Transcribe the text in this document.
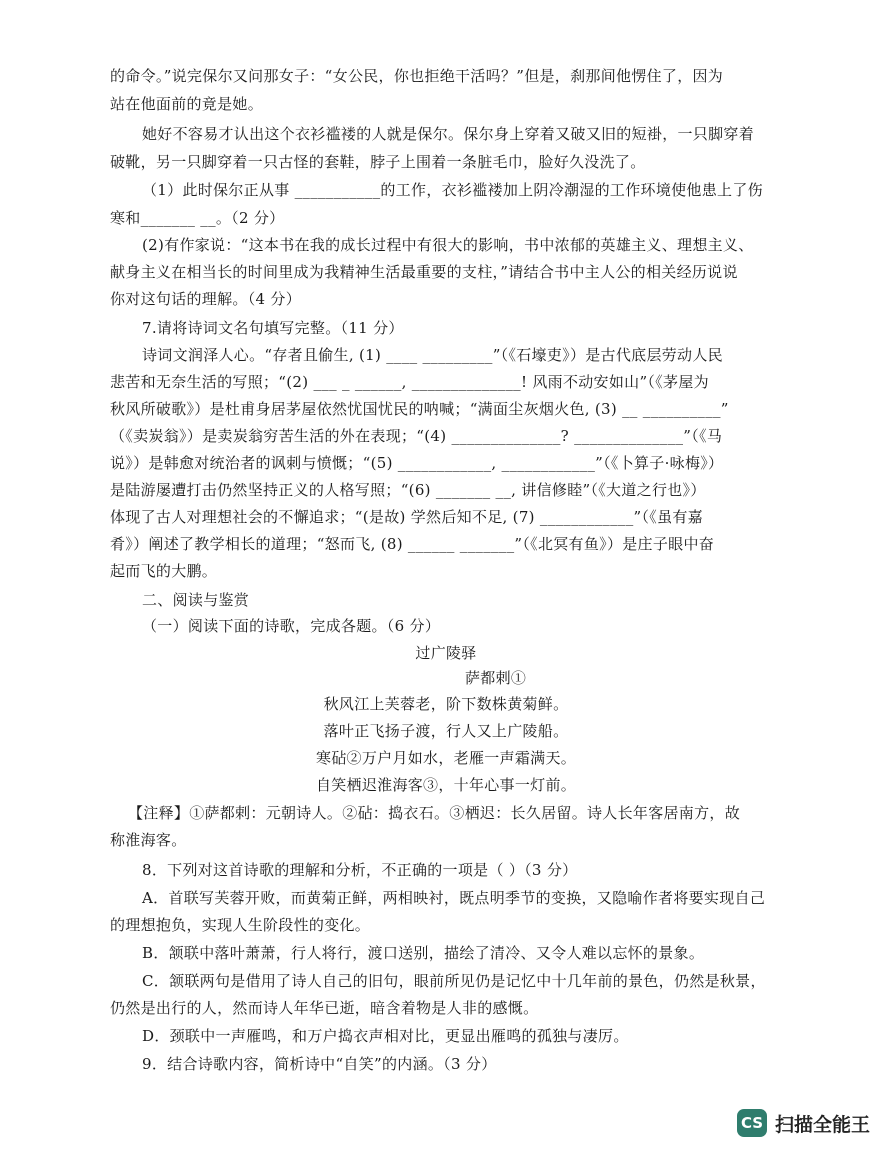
的命令。”说完保尔又问那女子：“女公民，你也拒绝干活吗？”但是，刹那间他愣住了，因为
站在他面前的竟是她。
她好不容易才认出这个衣衫褴褛的人就是保尔。保尔身上穿着又破又旧的短褂，一只脚穿着
破靴，另一只脚穿着一只古怪的套鞋，脖子上围着一条脏毛巾，脸好久没洗了。
（1）此时保尔正从事 ___________的工作，衣衫褴褛加上阴冷潮湿的工作环境使他患上了伤
寒和_______ __。（2 分）
(2)有作家说：“这本书在我的成长过程中有很大的影响，书中浓郁的英雄主义、理想主义、
献身主义在相当长的时间里成为我精神生活最重要的支柱，”请结合书中主人公的相关经历说说
你对这句话的理解。（4 分）
7.请将诗词文名句填写完整。（11 分）
诗词文润泽人心。“存者且偷生, (1) ____ _________”（《石壕吏》）是古代底层劳动人民
悲苦和无奈生活的写照；“(2) ___ _ ______, ______________! 风雨不动安如山”（《茅屋为
秋风所破歌》）是杜甫身居茅屋依然忧国忧民的呐喊；“满面尘灰烟火色, (3) __ __________”
（《卖炭翁》）是卖炭翁穷苦生活的外在表现；“(4) ______________? ______________”（《马
说》）是韩愈对统治者的讽刺与愤慨；“(5) ____________, ____________”（《卜算子·咏梅》）
是陆游屡遭打击仍然坚持正义的人格写照；“(6) _______ __, 讲信修睦”（《大道之行也》）
体现了古人对理想社会的不懈追求；“(是故) 学然后知不足, (7) ____________”（《虽有嘉
肴》）阐述了教学相长的道理；“怒而飞, (8) ______ _______”（《北冥有鱼》）是庄子眼中奋
起而飞的大鹏。
二、阅读与鉴赏
（一）阅读下面的诗歌，完成各题。（6 分）
过广陵驿
萨都剌①
秋风江上芙蓉老，阶下数株黄菊鲜。
落叶正飞扬子渡，行人又上广陵船。
寒砧②万户月如水，老雁一声霜满天。
自笑栖迟淮海客③，十年心事一灯前。
【注释】①萨都剌：元朝诗人。②砧：捣衣石。③栖迟：长久居留。诗人长年客居南方，故
称淮海客。
8．下列对这首诗歌的理解和分析，不正确的一项是（ ）（3 分）
A．首联写芙蓉开败，而黄菊正鲜，两相映衬，既点明季节的变换，又隐喻作者将要实现自己
的理想抱负，实现人生阶段性的变化。
B．颔联中落叶萧萧，行人将行，渡口送别，描绘了清冷、又令人难以忘怀的景象。
C．颔联两句是借用了诗人自己的旧句，眼前所见仍是记忆中十几年前的景色，仍然是秋景，
仍然是出行的人，然而诗人年华已逝，暗含着物是人非的感慨。
D．颈联中一声雁鸣，和万户捣衣声相对比，更显出雁鸣的孤独与凄厉。
9．结合诗歌内容，简析诗中“自笑”的内涵。（3 分）
CS 扫描全能王
